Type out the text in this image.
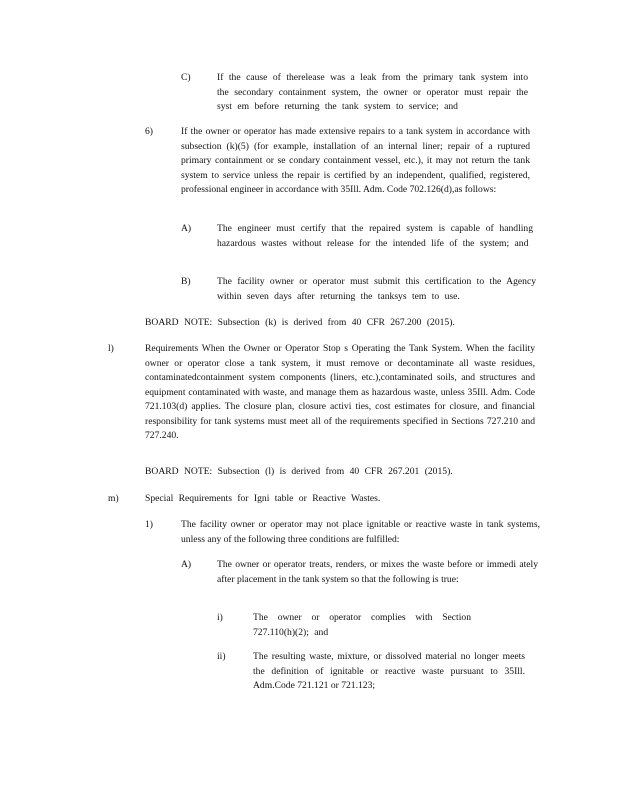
C)	If the cause of therelease was a leak from the primary tank system into the secondary containment system, the owner or operator must repair the syst em before returning the tank system to service; and
6)	If the owner or operator has made extensive repairs to a tank system in accordance with subsection (k)(5) (for example, installation of an internal liner; repair of a ruptured primary containment or se condary containment vessel, etc.), it may not return the tank system to service unless the repair is certified by an independent, qualified, registered, professional engineer in accordance with 35Ill. Adm. Code 702.126(d),as follows:
A)	The engineer must certify that the repaired system is capable of handling hazardous wastes without release for the intended life of the system; and
B)	The facility owner or operator must submit this certification to the Agency within seven days after returning the tanksys tem to use.
BOARD NOTE: Subsection (k) is derived from 40 CFR 267.200 (2015).
l)	Requirements When the Owner or Operator Stop s Operating the Tank System. When the facility owner or operator close a tank system, it must remove or decontaminate all waste residues, contaminatedcontainment system components (liners, etc.),contaminated soils, and structures and equipment contaminated with waste, and manage them as hazardous waste, unless 35Ill. Adm. Code 721.103(d) applies. The closure plan, closure activi ties, cost estimates for closure, and financial responsibility for tank systems must meet all of the requirements specified in Sections 727.210 and 727.240.
BOARD NOTE: Subsection (l) is derived from 40 CFR 267.201 (2015).
m)	Special Requirements for Igni table or Reactive Wastes.
1)	The facility owner or operator may not place ignitable or reactive waste in tank systems, unless any of the following three conditions are fulfilled:
A)	The owner or operator treats, renders, or mixes the waste before or immedi ately after placement in the tank system so that the following is true:
i)	The owner or operator complies with Section 727.110(h)(2); and
ii)	The resulting waste, mixture, or dissolved material no longer meets the definition of ignitable or reactive waste pursuant to 35Ill. Adm.Code 721.121 or 721.123;
